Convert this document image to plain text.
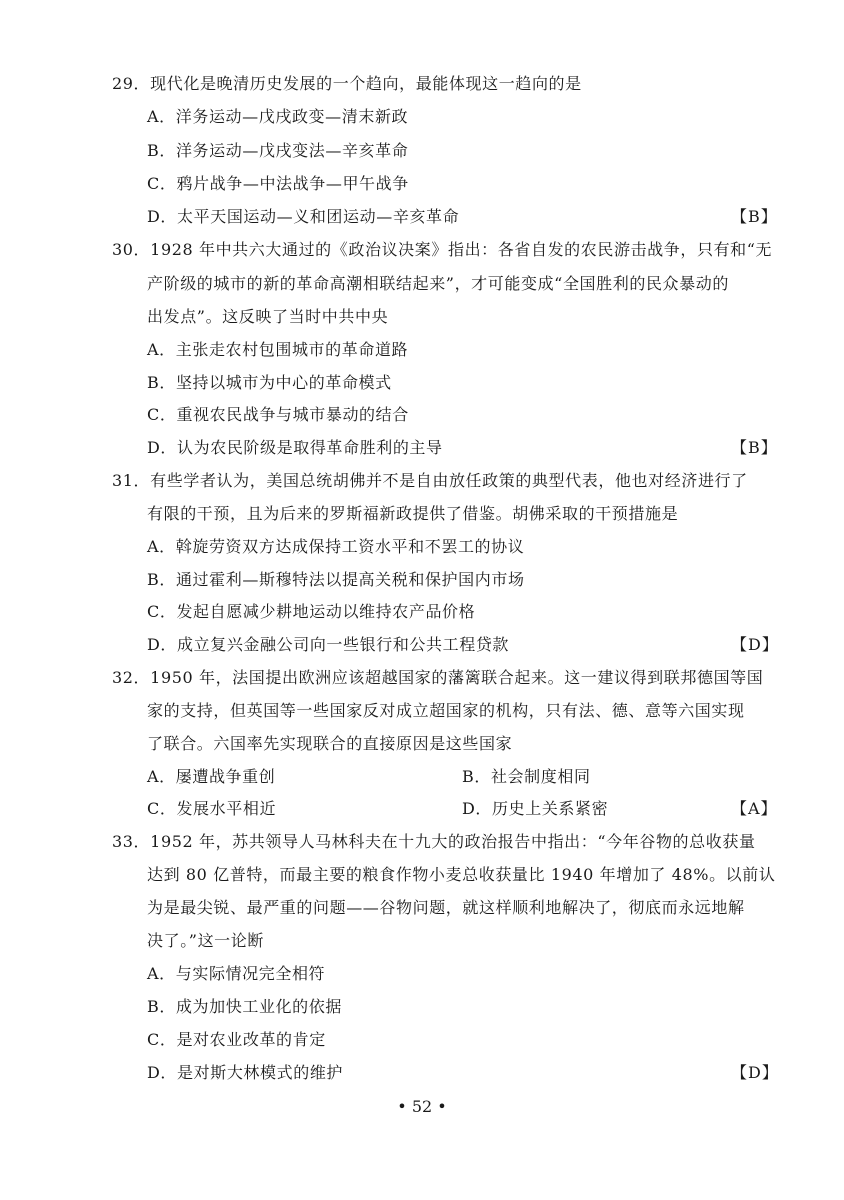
29．现代化是晚清历史发展的一个趋向，最能体现这一趋向的是
A．洋务运动—戊戌政变—清末新政
B．洋务运动—戊戌变法—辛亥革命
C．鸦片战争—中法战争—甲午战争
D．太平天国运动—义和团运动—辛亥革命	【B】
30．1928 年中共六大通过的《政治议决案》指出：各省自发的农民游击战争，只有和“无
产阶级的城市的新的革命高潮相联结起来”，才可能变成“全国胜利的民众暴动的
出发点”。这反映了当时中共中央
A．主张走农村包围城市的革命道路
B．坚持以城市为中心的革命模式
C．重视农民战争与城市暴动的结合
D．认为农民阶级是取得革命胜利的主导	【B】
31．有些学者认为，美国总统胡佛并不是自由放任政策的典型代表，他也对经济进行了
有限的干预，且为后来的罗斯福新政提供了借鉴。胡佛采取的干预措施是
A．斡旋劳资双方达成保持工资水平和不罢工的协议
B．通过霍利—斯穆特法以提高关税和保护国内市场
C．发起自愿减少耕地运动以维持农产品价格
D．成立复兴金融公司向一些银行和公共工程贷款	【D】
32．1950 年，法国提出欧洲应该超越国家的藩篱联合起来。这一建议得到联邦德国等国
家的支持，但英国等一些国家反对成立超国家的机构，只有法、德、意等六国实现
了联合。六国率先实现联合的直接原因是这些国家
A．屡遭战争重创	B．社会制度相同
C．发展水平相近	D．历史上关系紧密	【A】
33．1952 年，苏共领导人马林科夫在十九大的政治报告中指出：“今年谷物的总收获量
达到 80 亿普特，而最主要的粮食作物小麦总收获量比 1940 年增加了 48%。以前认
为是最尖锐、最严重的问题——谷物问题，就这样顺利地解决了，彻底而永远地解
决了。”这一论断
A．与实际情况完全相符
B．成为加快工业化的依据
C．是对农业改革的肯定
D．是对斯大林模式的维护	【D】
• 52 •
